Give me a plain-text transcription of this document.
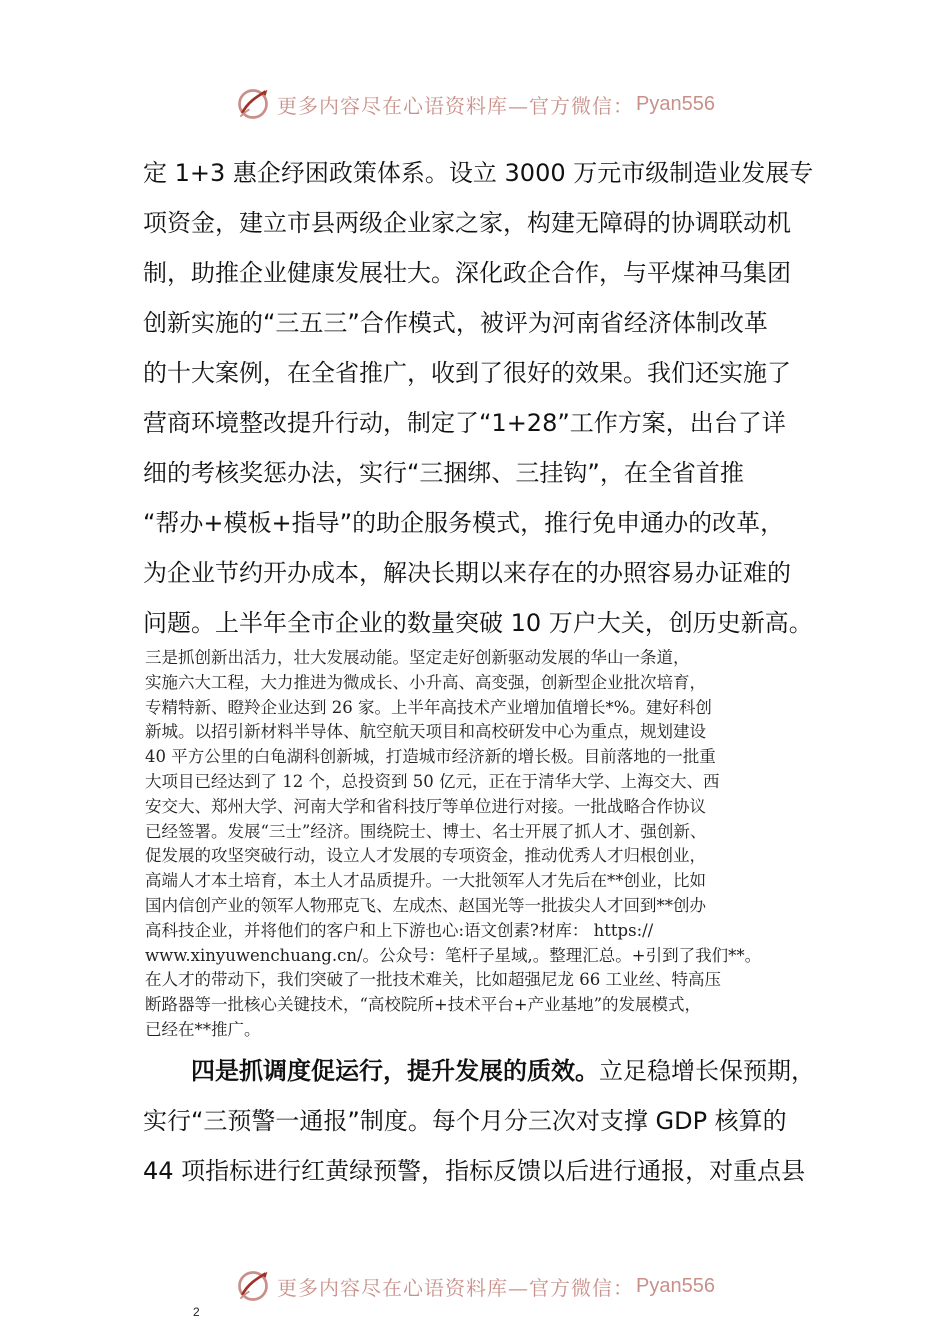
更多内容尽在心语资料库—官方微信： Pyan556
定 1+3 惠企纾困政策体系。设立 3000 万元市级制造业发展专
项资金，建立市县两级企业家之家，构建无障碍的协调联动机
制，助推企业健康发展壮大。深化政企合作，与平煤神马集团
创新实施的“三五三”合作模式，被评为河南省经济体制改革
的十大案例，在全省推广，收到了很好的效果。我们还实施了
营商环境整改提升行动，制定了“1+28”工作方案，出台了详
细的考核奖惩办法，实行“三捆绑、三挂钩”，在全省首推
“帮办+模板+指导”的助企服务模式，推行免申通办的改革，
为企业节约开办成本，解决长期以来存在的办照容易办证难的
问题。上半年全市企业的数量突破 10 万户大关，创历史新高。
三是抓创新出活力，壮大发展动能。坚定走好创新驱动发展的华山一条道，
实施六大工程，大力推进为微成长、小升高、高变强，创新型企业批次培育，
专精特新、瞪羚企业达到 26 家。上半年高技术产业增加值增长*%。建好科创
新城。以招引新材料半导体、航空航天项目和高校研发中心为重点，规划建设
40 平方公里的白龟湖科创新城，打造城市经济新的增长极。目前落地的一批重
大项目已经达到了 12 个，总投资到 50 亿元，正在于清华大学、上海交大、西
安交大、郑州大学、河南大学和省科技厅等单位进行对接。一批战略合作协议
已经签署。发展“三士”经济。围绕院士、博士、名士开展了抓人才、强创新、
促发展的攻坚突破行动，设立人才发展的专项资金，推动优秀人才归根创业，
高端人才本土培育，本土人才品质提升。一大批领军人才先后在**创业，比如
国内信创产业的领军人物邢克飞、左成杰、赵国光等一批拔尖人才回到**创办
高科技企业，并将他们的客户和上下游也心:语文创素?材库： https://
www.xinyuwenchuang.cn/。公众号：笔杆子星域,。整理汇总。+引到了我们**。
在人才的带动下，我们突破了一批技术难关，比如超强尼龙 66 工业丝、特高压
断路器等一批核心关键技术，“高校院所+技术平台+产业基地”的发展模式，
已经在**推广。
四是抓调度促运行，提升发展的质效。立足稳增长保预期，
实行“三预警一通报”制度。每个月分三次对支撑 GDP 核算的
44 项指标进行红黄绿预警，指标反馈以后进行通报，对重点县
更多内容尽在心语资料库—官方微信： Pyan556
2
